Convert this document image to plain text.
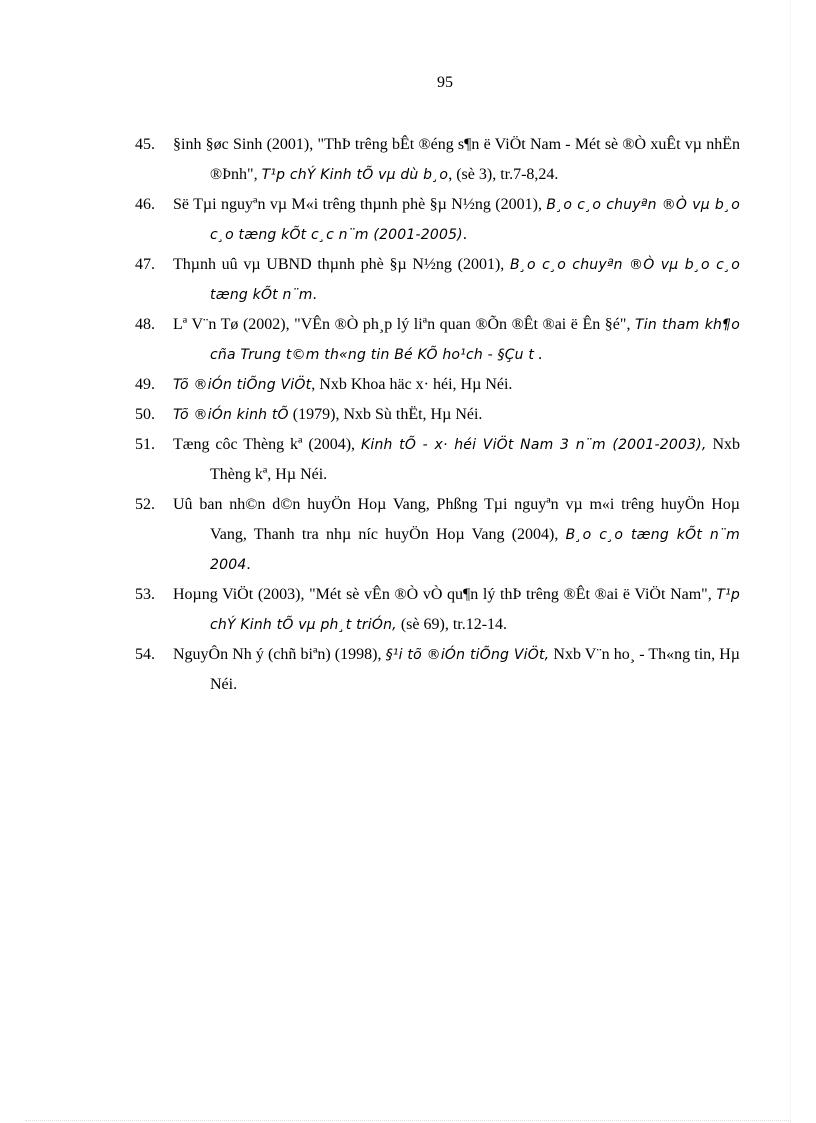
95
45.	§inh §øc Sinh (2001), "ThÞ trêng bÊt ®éng s¶n ë ViÖt Nam - Mét sè ®Ò xuÊt vµ nhËn ®Þnh", T¹p chÝ Kinh tÕ vµ dù b¸o, (sè 3), tr.7-8,24.
46.	Së Tµi nguyªn vµ M«i trêng thµnh phè §µ N½ng (2001), B¸o c¸o chuyªn ®Ò vµ b¸o c¸o tæng kÕt c¸c n¨m (2001-2005).
47.	Thµnh uû vµ UBND thµnh phè §µ N½ng (2001), B¸o c¸o chuyªn ®Ò vµ b¸o c¸o tæng kÕt n¨m.
48.	Lª V¨n Tø (2002), "VÊn ®Ò ph¸p lý liªn quan ®Õn ®Êt ®ai ë Ên §é", Tin tham kh¶o cña Trung t©m th«ng tin Bé KÕ ho¹ch - §Çu t .
49.	Tõ ®iÓn tiÕng ViÖt, Nxb Khoa häc x· héi, Hµ Néi.
50.	Tõ ®iÓn kinh tÕ (1979), Nxb Sù thËt, Hµ Néi.
51.	Tæng côc Thèng kª (2004), Kinh tÕ - x· héi ViÖt Nam 3 n¨m (2001-2003), Nxb Thèng kª, Hµ Néi.
52.	Uû ban nh©n d©n huyÖn Hoµ Vang, Phßng Tµi nguyªn vµ m«i trêng huyÖn Hoµ Vang, Thanh tra nhµ níc huyÖn Hoµ Vang (2004), B¸o c¸o tæng kÕt n¨m 2004.
53.	Hoµng ViÖt (2003), "Mét sè vÊn ®Ò vÒ qu¶n lý thÞ trêng ®Êt ®ai ë ViÖt Nam", T¹p chÝ Kinh tÕ vµ ph¸t triÓn, (sè 69), tr.12-14.
54.	NguyÔn Nh ý (chñ biªn) (1998), §¹i tõ ®iÓn tiÕng ViÖt, Nxb V¨n ho¸ - Th«ng tin, Hµ Néi.
